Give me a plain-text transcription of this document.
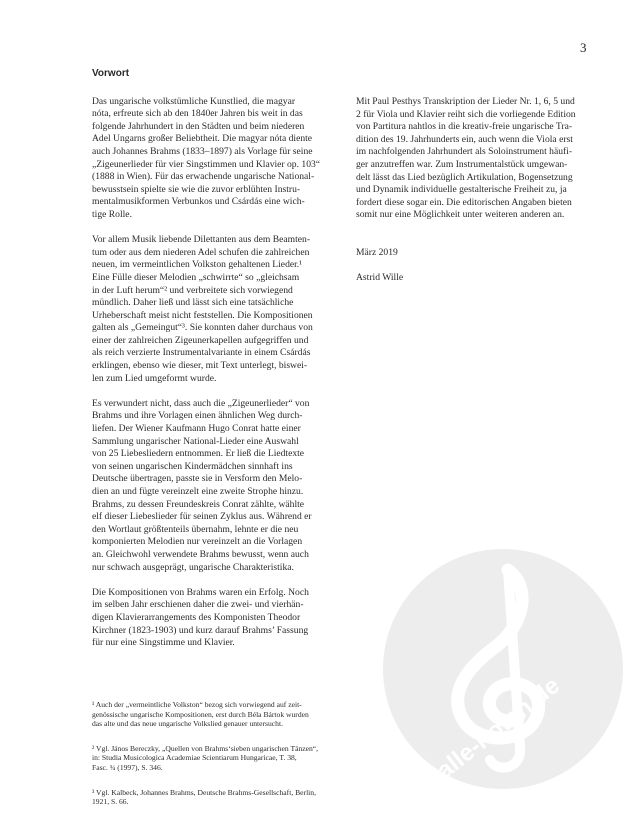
3
alle-noten.de
Vorwort

Das ungarische volkstümliche Kunstlied, die magyar
nóta, erfreute sich ab den 1840er Jahren bis weit in das
folgende Jahrhundert in den Städten und beim niederen
Adel Ungarns großer Beliebtheit. Die magyar nóta diente
auch Johannes Brahms (1833–1897) als Vorlage für seine
„Zigeunerlieder für vier Singstimmen und Klavier op. 103“
(1888 in Wien). Für das erwachende ungarische National-
bewusstsein spielte sie wie die zuvor erblühten Instru-
mentalmusikformen Verbunkos und Csárdás eine wich-
tige Rolle.

Vor allem Musik liebende Dilettanten aus dem Beamten-
tum oder aus dem niederen Adel schufen die zahlreichen
neuen, im vermeintlichen Volkston gehaltenen Lieder.¹
Eine Fülle dieser Melodien „schwirrte“ so „gleichsam
in der Luft herum“² und verbreitete sich vorwiegend
mündlich. Daher ließ und lässt sich eine tatsächliche
Urheberschaft meist nicht feststellen. Die Kompositionen
galten als „Gemeingut“³. Sie konnten daher durchaus von
einer der zahlreichen Zigeunerkapellen aufgegriffen und
als reich verzierte Instrumentalvariante in einem Csárdás
erklingen, ebenso wie dieser, mit Text unterlegt, biswei-
len zum Lied umgeformt wurde.

Es verwundert nicht, dass auch die „Zigeunerlieder“ von
Brahms und ihre Vorlagen einen ähnlichen Weg durch-
liefen. Der Wiener Kaufmann Hugo Conrat hatte einer
Sammlung ungarischer National-Lieder eine Auswahl
von 25 Liebesliedern entnommen. Er ließ die Liedtexte
von seinen ungarischen Kindermädchen sinnhaft ins
Deutsche übertragen, passte sie in Versform den Melo-
dien an und fügte vereinzelt eine zweite Strophe hinzu.
Brahms, zu dessen Freundeskreis Conrat zählte, wählte
elf dieser Liebeslieder für seinen Zyklus aus. Während er
den Wortlaut größtenteils übernahm, lehnte er die neu
komponierten Melodien nur vereinzelt an die Vorlagen
an. Gleichwohl verwendete Brahms bewusst, wenn auch
nur schwach ausgeprägt, ungarische Charakteristika.

Die Kompositionen von Brahms waren ein Erfolg. Noch
im selben Jahr erschienen daher die zwei- und vierhän-
digen Klavierarrangements des Komponisten Theodor
Kirchner (1823-1903) und kurz darauf Brahms’ Fassung
für nur eine Singstimme und Klavier.

Mit Paul Pesthys Transkription der Lieder Nr. 1, 6, 5 und
2 für Viola und Klavier reiht sich die vorliegende Edition
von Partitura nahtlos in die kreativ-freie ungarische Tra-
dition des 19. Jahrhunderts ein, auch wenn die Viola erst
im nachfolgenden Jahrhundert als Soloinstrument häufi-
ger anzutreffen war. Zum Instrumentalstück umgewan-
delt lässt das Lied bezüglich Artikulation, Bogensetzung
und Dynamik individuelle gestalterische Freiheit zu, ja
fordert diese sogar ein. Die editorischen Angaben bieten
somit nur eine Möglichkeit unter weiteren anderen an.

März 2019

Astrid Wille

¹ Auch der „vermeintliche Volkston“ bezog sich vorwiegend auf zeit-
genössische ungarische Kompositionen, erst durch Béla Bártok wurden
das alte und das neue ungarische Volkslied genauer untersucht.

² Vgl. János Bereczky, „Quellen von Brahms‘sieben ungarischen Tänzen“,
in: Studia Musicologica Academiae Scientiarum Hungaricae, T. 38,
Fasc. ¾ (1997), S. 346.

³ Vgl. Kalbeck, Johannes Brahms, Deutsche Brahms-Gesellschaft, Berlin,
1921, S. 66.
